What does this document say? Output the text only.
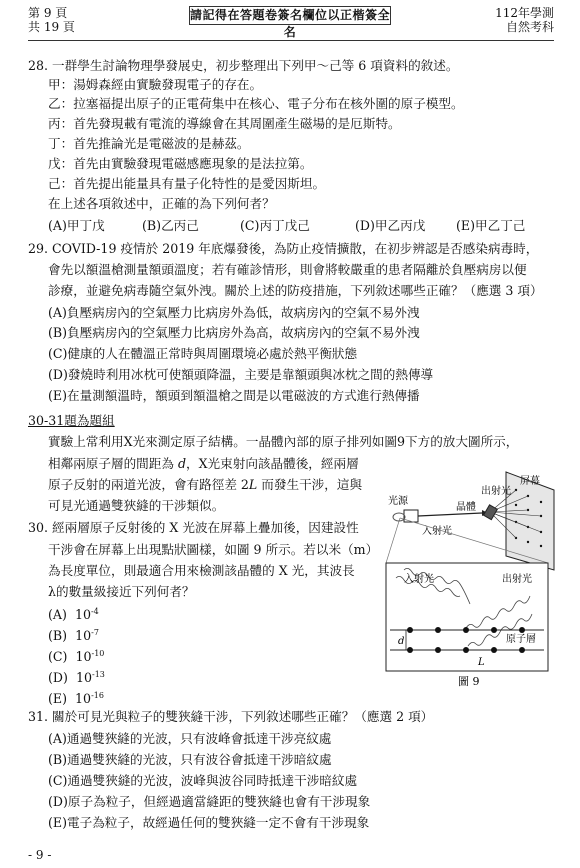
第 9 頁
共 19 頁
請記得在答題卷簽名欄位以正楷簽全名
112年學測
自然考科
28. 一群學生討論物理學發展史，初步整理出下列甲～己等 6 項資料的敘述。
甲：湯姆森經由實驗發現電子的存在。
乙：拉塞福提出原子的正電荷集中在核心、電子分布在核外圍的原子模型。
丙：首先發現載有電流的導線會在其周圍產生磁場的是厄斯特。
丁：首先推論光是電磁波的是赫茲。
戊：首先由實驗發現電磁感應現象的是法拉第。
己：首先提出能量具有量子化特性的是愛因斯坦。
在上述各項敘述中，正確的為下列何者？
(A)甲丁戊	(B)乙丙己	(C)丙丁戊己	(D)甲乙丙戊 (E)甲乙丁己
29. COVID-19 疫情於 2019 年底爆發後，為防止疫情擴散，在初步辨認是否感染病毒時，
會先以額溫槍測量額頭溫度；若有確診情形，則會將較嚴重的患者隔離於負壓病房以便
診療，並避免病毒隨空氣外洩。關於上述的防疫措施，下列敘述哪些正確？（應選 3 項）
(A)負壓病房內的空氣壓力比病房外為低，故病房內的空氣不易外洩
(B)負壓病房內的空氣壓力比病房外為高，故病房內的空氣不易外洩
(C)健康的人在體溫正常時與周圍環境必處於熱平衡狀態
(D)發燒時利用冰枕可使額頭降溫，主要是靠額頭與冰枕之間的熱傳導
(E)在量測額溫時，額頭到額溫槍之間是以電磁波的方式進行熱傳播
30-31題為題組
實驗上常利用X光來測定原子結構。一晶體內部的原子排列如圖9下方的放大圖所示，
相鄰兩原子層的間距為 𝑑，X光束射向該晶體後，經兩層
原子反射的兩道光波，會有路徑差 2𝐿 而發生干涉，這與
可見光通過雙狹縫的干涉類似。
30. 經兩層原子反射後的 X 光波在屏幕上疊加後，因建設性
干涉會在屏幕上出現點狀圖樣，如圖 9 所示。若以米（m）
為長度單位，則最適合用來檢測該晶體的 X 光，其波長
λ的數量級接近下列何者？
(A) $10^{-4}$
(B) $10^{-7}$
(C) $10^{-10}$
(D) $10^{-13}$
(E) $10^{-16}$
光源
晶體
出射光
屏幕
入射光
d
L
入射光	出射光
原子層
圖 9
31. 關於可見光與粒子的雙狹縫干涉，下列敘述哪些正確？（應選 2 項）
(A)通過雙狹縫的光波，只有波峰會抵達干涉亮紋處
(B)通過雙狹縫的光波，只有波谷會抵達干涉暗紋處
(C)通過雙狹縫的光波，波峰與波谷同時抵達干涉暗紋處
(D)原子為粒子，但經過適當縫距的雙狹縫也會有干涉現象
(E)電子為粒子，故經過任何的雙狹縫一定不會有干涉現象
- 9 -
